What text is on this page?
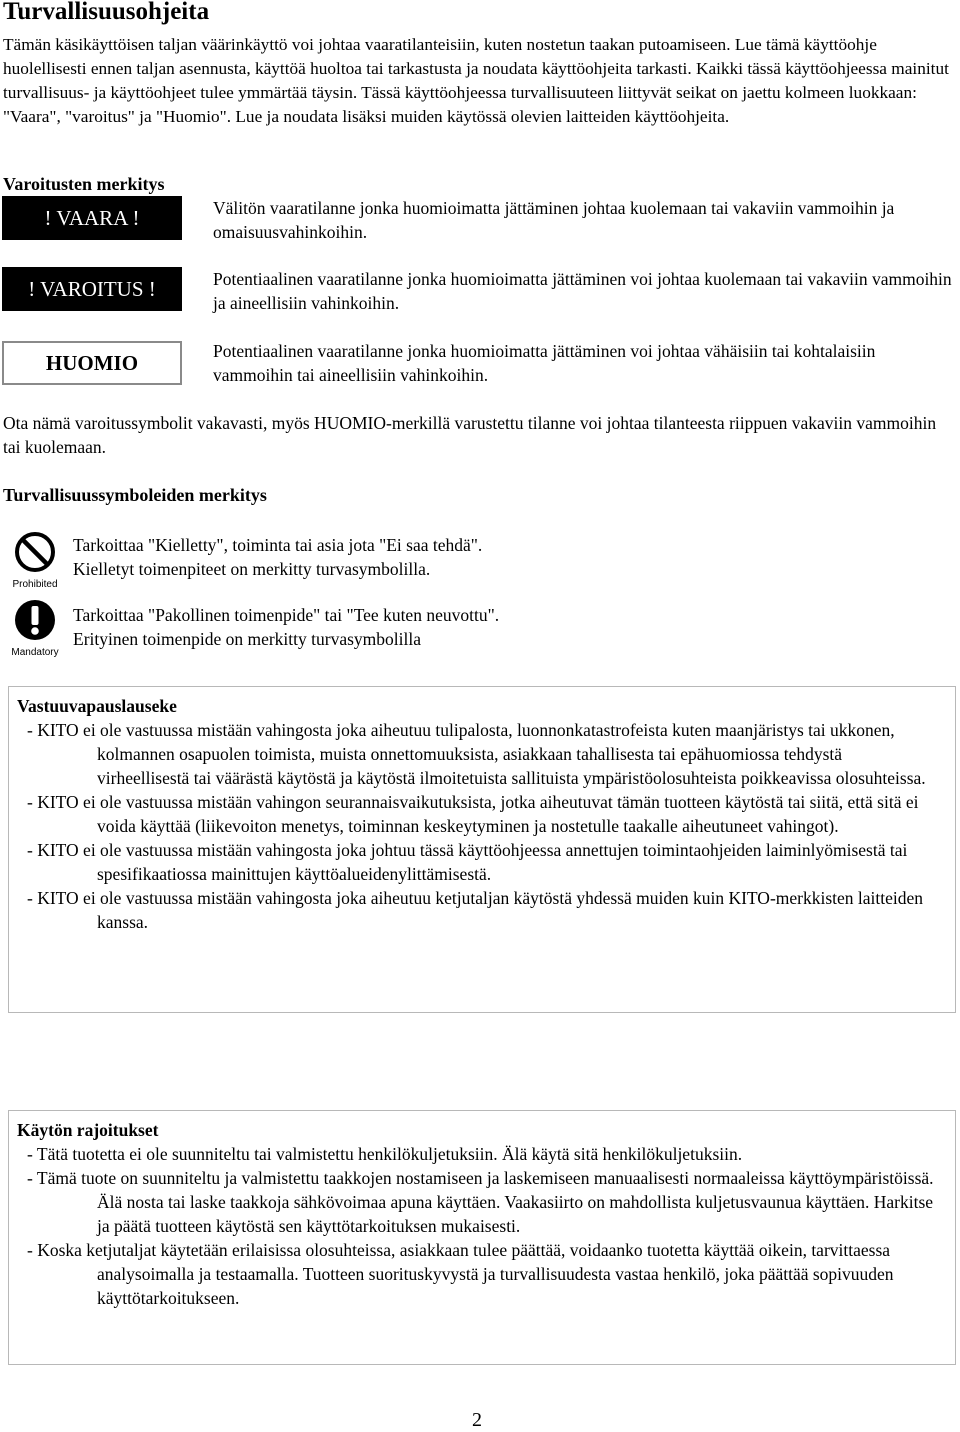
Turvallisuusohjeita

Tämän käsikäyttöisen taljan väärinkäyttö voi johtaa vaaratilanteisiin, kuten nostetun taakan putoamiseen. Lue tämä käyttöohje huolellisesti ennen taljan asennusta, käyttöä huoltoa tai tarkastusta ja noudata käyttöohjeita tarkasti. Kaikki tässä käyttöohjeessa mainitut turvallisuus- ja käyttöohjeet tulee ymmärtää täysin. Tässä käyttöohjeessa turvallisuuteen liittyvät seikat on jaettu kolmeen luokkaan: "Vaara", "varoitus" ja "Huomio". Lue ja noudata lisäksi muiden käytössä olevien laitteiden käyttöohjeita.

Varoitusten merkitys
! VAARA !	Välitön vaaratilanne jonka huomioimatta jättäminen johtaa kuolemaan tai vakaviin vammoihin ja omaisuusvahinkoihin.

! VAROITUS !	Potentiaalinen vaaratilanne jonka huomioimatta jättäminen voi johtaa kuolemaan tai vakaviin vammoihin ja aineellisiin vahinkoihin.

HUOMIO	Potentiaalinen vaaratilanne jonka huomioimatta jättäminen voi johtaa vähäisiin tai kohtalaisiin vammoihin tai aineellisiin vahinkoihin.

Ota nämä varoitussymbolit vakavasti, myös HUOMIO-merkillä varustettu tilanne voi johtaa tilanteesta riippuen vakaviin vammoihin tai kuolemaan.

Turvallisuussymboleiden merkitys
Prohibited

Tarkoittaa "Kielletty", toiminta tai asia jota "Ei saa tehdä".
Kielletyt toimenpiteet on merkitty turvasymbolilla.

Mandatory

Tarkoittaa "Pakollinen toimenpide" tai "Tee kuten neuvottu".
Erityinen toimenpide on merkitty turvasymbolilla

Vastuuvapauslauseke

- KITO ei ole vastuussa mistään vahingosta joka aiheutuu tulipalosta, luonnonkatastrofeista kuten maanjäristys tai ukkonen, kolmannen osapuolen toimista, muista onnettomuuksista, asiakkaan tahallisesta tai epähuomiossa tehdystä virheellisestä tai väärästä käytöstä ja käytöstä ilmoitetuista sallituista ympäristöolosuhteista poikkeavissa olosuhteissa.

- KITO ei ole vastuussa mistään vahingon seurannaisvaikutuksista, jotka aiheutuvat tämän tuotteen käytöstä tai siitä, että sitä ei voida käyttää (liikevoiton menetys, toiminnan keskeytyminen ja nostetulle taakalle aiheutuneet vahingot).

- KITO ei ole vastuussa mistään vahingosta joka johtuu tässä käyttöohjeessa annettujen toimintaohjeiden laiminlyömisestä tai spesifikaatiossa mainittujen käyttöalueidenylittämisestä.

- KITO ei ole vastuussa mistään vahingosta joka aiheutuu ketjutaljan käytöstä yhdessä muiden kuin KITO-merkkisten laitteiden kanssa.

Käytön rajoitukset

- Tätä tuotetta ei ole suunniteltu tai valmistettu henkilökuljetuksiin. Älä käytä sitä henkilökuljetuksiin.

- Tämä tuote on suunniteltu ja valmistettu taakkojen nostamiseen ja laskemiseen manuaalisesti normaaleissa käyttöympäristöissä. Älä nosta tai laske taakkoja sähkövoimaa apuna käyttäen. Vaakasiirto on mahdollista kuljetusvaunua käyttäen. Harkitse ja päätä tuotteen käytöstä sen käyttötarkoituksen mukaisesti.

- Koska ketjutaljat käytetään erilaisissa olosuhteissa, asiakkaan tulee päättää, voidaanko tuotetta käyttää oikein, tarvittaessa analysoimalla ja testaamalla. Tuotteen suorituskyvystä ja turvallisuudesta vastaa henkilö, joka päättää sopivuuden käyttötarkoitukseen.

2
